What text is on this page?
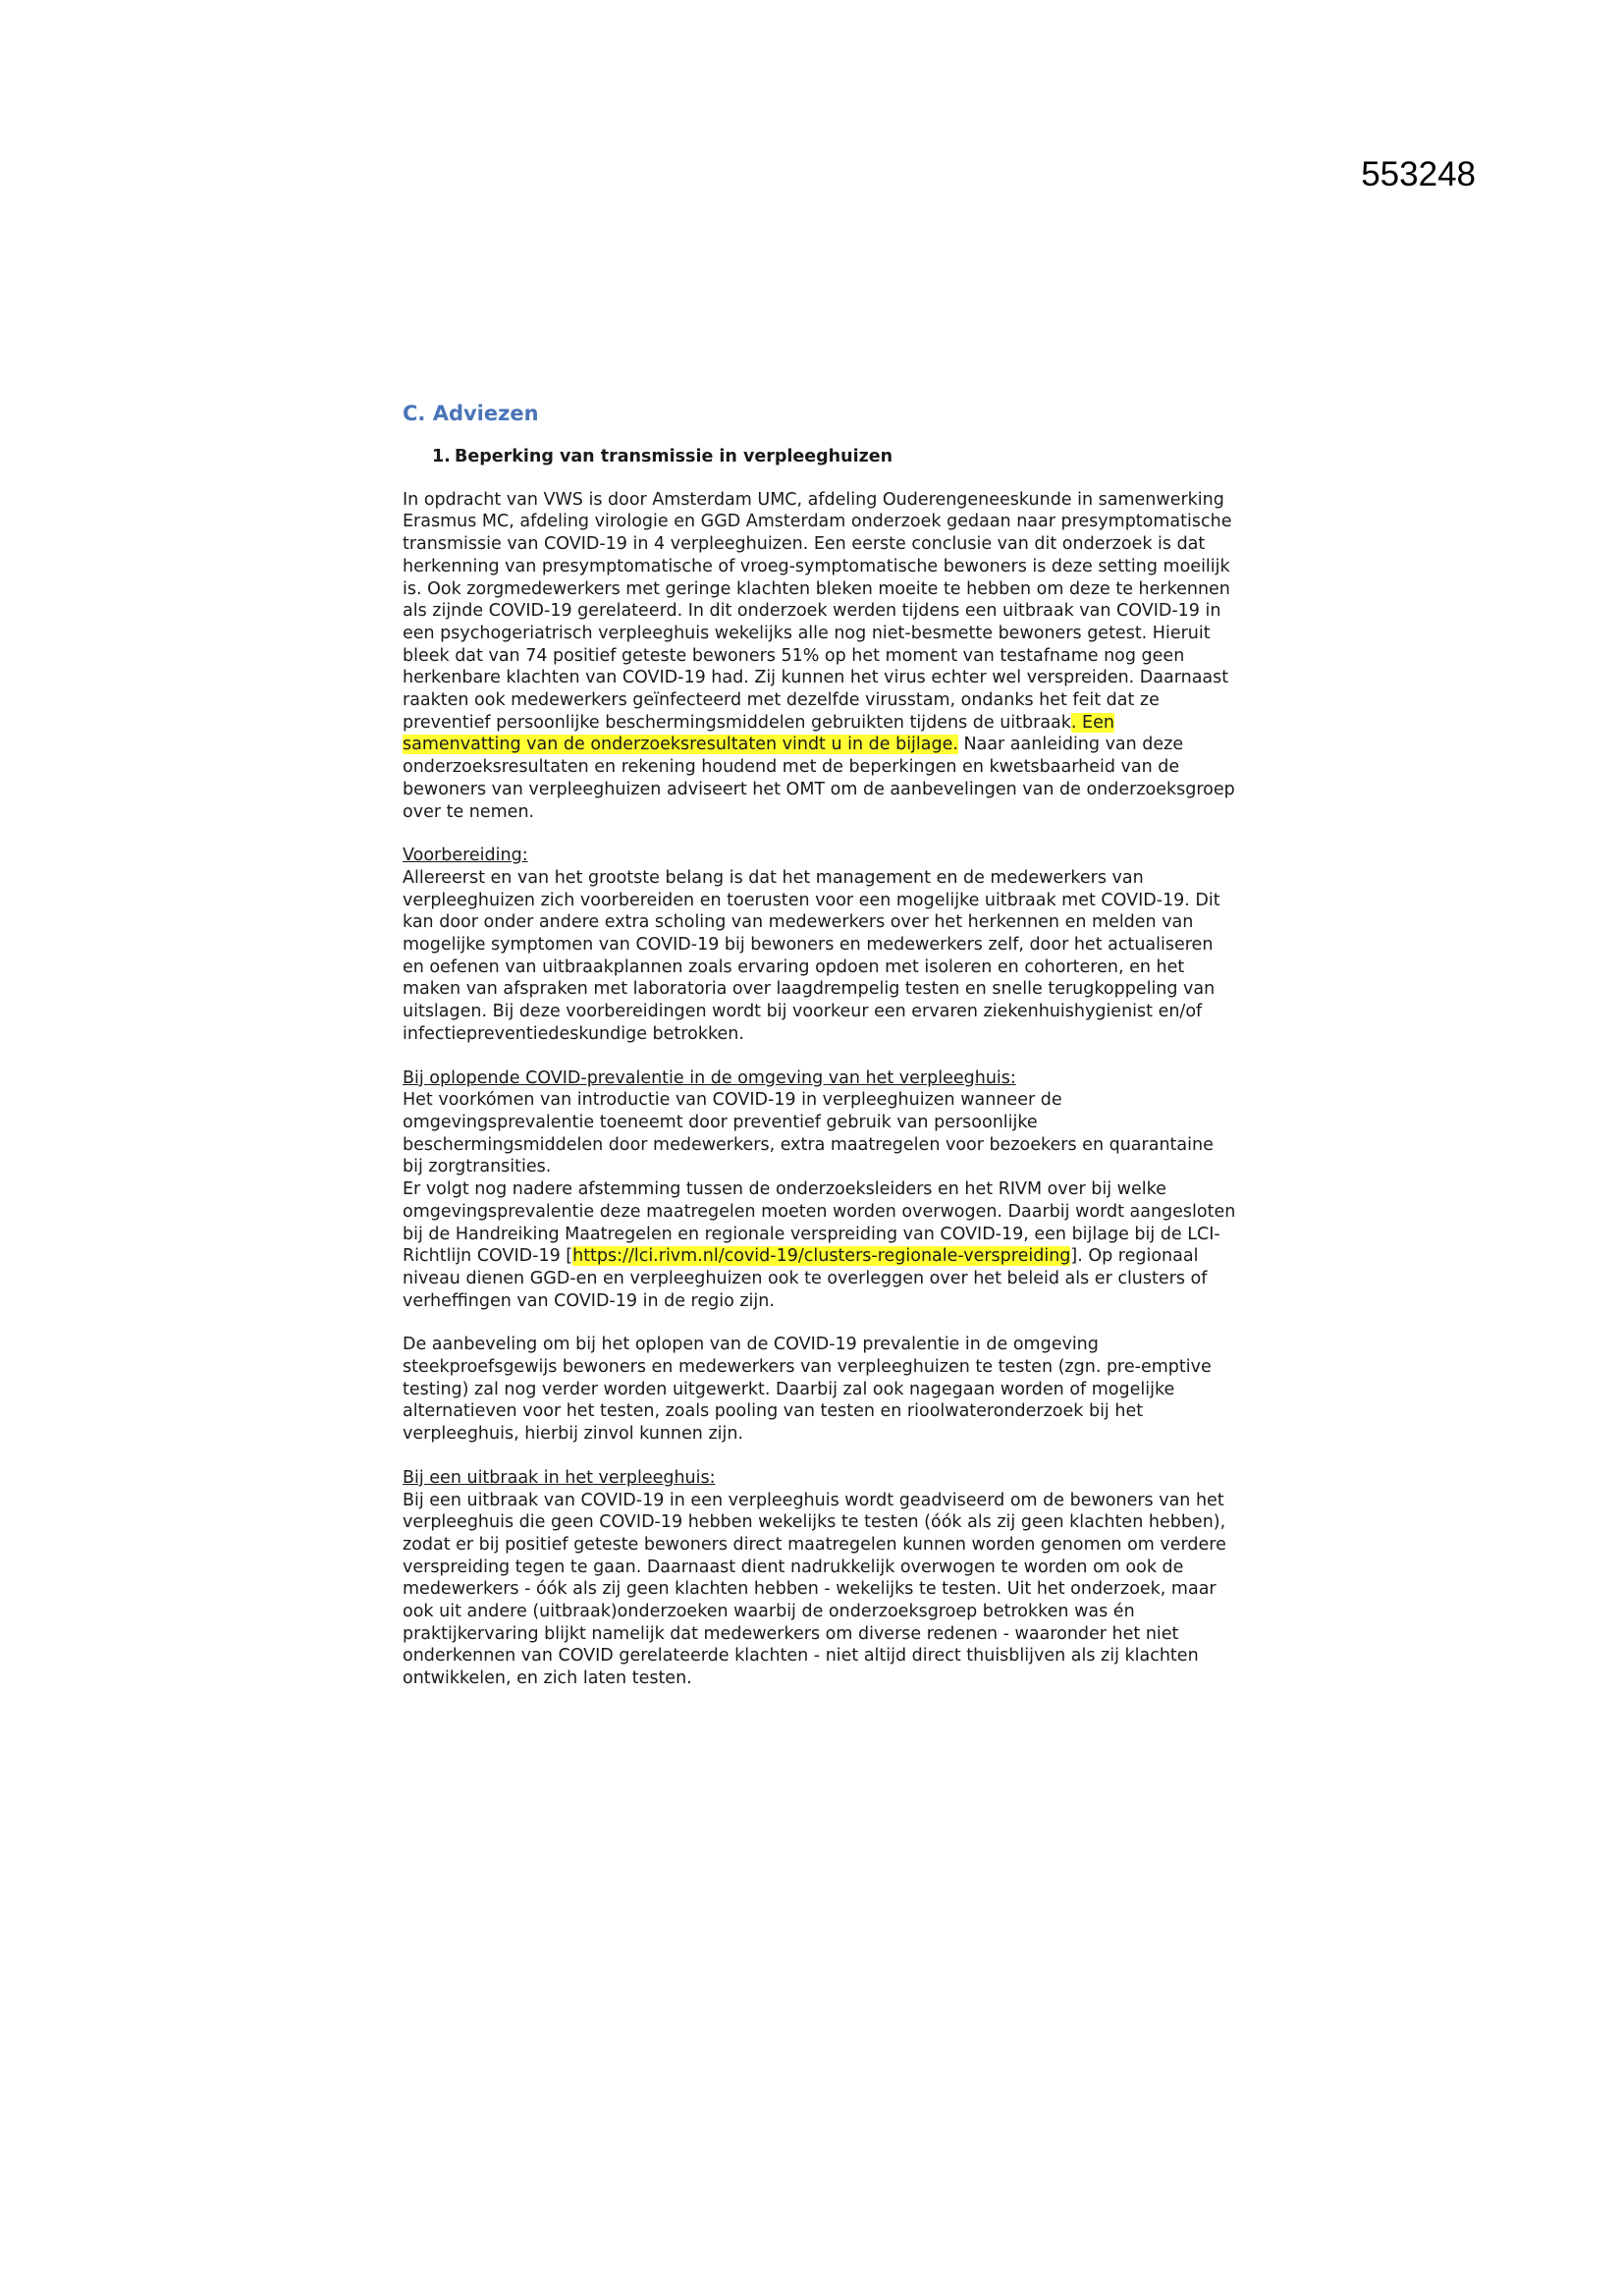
553248
C. Adviezen
1. Beperking van transmissie in verpleeghuizen

In opdracht van VWS is door Amsterdam UMC, afdeling Ouderengeneeskunde in samenwerking Erasmus MC, afdeling virologie en GGD Amsterdam onderzoek gedaan naar presymptomatische transmissie van COVID-19 in 4 verpleeghuizen. Een eerste conclusie van dit onderzoek is dat herkenning van presymptomatische of vroeg-symptomatische bewoners is deze setting moeilijk is. Ook zorgmedewerkers met geringe klachten bleken moeite te hebben om deze te herkennen als zijnde COVID-19 gerelateerd. In dit onderzoek werden tijdens een uitbraak van COVID-19 in een psychogeriatrisch verpleeghuis wekelijks alle nog niet-besmette bewoners getest. Hieruit bleek dat van 74 positief geteste bewoners 51% op het moment van testafname nog geen herkenbare klachten van COVID-19 had. Zij kunnen het virus echter wel verspreiden. Daarnaast raakten ook medewerkers geïnfecteerd met dezelfde virusstam, ondanks het feit dat ze preventief persoonlijke beschermingsmiddelen gebruikten tijdens de uitbraak. Een samenvatting van de onderzoeksresultaten vindt u in de bijlage. Naar aanleiding van deze onderzoeksresultaten en rekening houdend met de beperkingen en kwetsbaarheid van de bewoners van verpleeghuizen adviseert het OMT om de aanbevelingen van de onderzoeksgroep over te nemen.

Voorbereiding:
Allereerst en van het grootste belang is dat het management en de medewerkers van verpleeghuizen zich voorbereiden en toerusten voor een mogelijke uitbraak met COVID-19. Dit kan door onder andere extra scholing van medewerkers over het herkennen en melden van mogelijke symptomen van COVID-19 bij bewoners en medewerkers zelf, door het actualiseren en oefenen van uitbraakplannen zoals ervaring opdoen met isoleren en cohorteren, en het maken van afspraken met laboratoria over laagdrempelig testen en snelle terugkoppeling van uitslagen. Bij deze voorbereidingen wordt bij voorkeur een ervaren ziekenhuishygienist en/of infectiepreventiedeskundige betrokken.

Bij oplopende COVID-prevalentie in de omgeving van het verpleeghuis:
Het voorkómen van introductie van COVID-19 in verpleeghuizen wanneer de omgevingsprevalentie toeneemt door preventief gebruik van persoonlijke beschermingsmiddelen door medewerkers, extra maatregelen voor bezoekers en quarantaine bij zorgtransities.
Er volgt nog nadere afstemming tussen de onderzoeksleiders en het RIVM over bij welke omgevingsprevalentie deze maatregelen moeten worden overwogen. Daarbij wordt aangesloten bij de Handreiking Maatregelen en regionale verspreiding van COVID-19, een bijlage bij de LCI-Richtlijn COVID-19 [https://lci.rivm.nl/covid-19/clusters-regionale-verspreiding]. Op regionaal niveau dienen GGD-en en verpleeghuizen ook te overleggen over het beleid als er clusters of verheffingen van COVID-19 in de regio zijn.

De aanbeveling om bij het oplopen van de COVID-19 prevalentie in de omgeving steekproefsgewijs bewoners en medewerkers van verpleeghuizen te testen (zgn. pre-emptive testing) zal nog verder worden uitgewerkt. Daarbij zal ook nagegaan worden of mogelijke alternatieven voor het testen, zoals pooling van testen en rioolwateronderzoek bij het verpleeghuis, hierbij zinvol kunnen zijn.

Bij een uitbraak in het verpleeghuis:
Bij een uitbraak van COVID-19 in een verpleeghuis wordt geadviseerd om de bewoners van het verpleeghuis die geen COVID-19 hebben wekelijks te testen (óók als zij geen klachten hebben), zodat er bij positief geteste bewoners direct maatregelen kunnen worden genomen om verdere verspreiding tegen te gaan. Daarnaast dient nadrukkelijk overwogen te worden om ook de medewerkers - óók als zij geen klachten hebben - wekelijks te testen. Uit het onderzoek, maar ook uit andere (uitbraak)onderzoeken waarbij de onderzoeksgroep betrokken was én praktijkervaring blijkt namelijk dat medewerkers om diverse redenen - waaronder het niet onderkennen van COVID gerelateerde klachten - niet altijd direct thuisblijven als zij klachten ontwikkelen, en zich laten testen.
